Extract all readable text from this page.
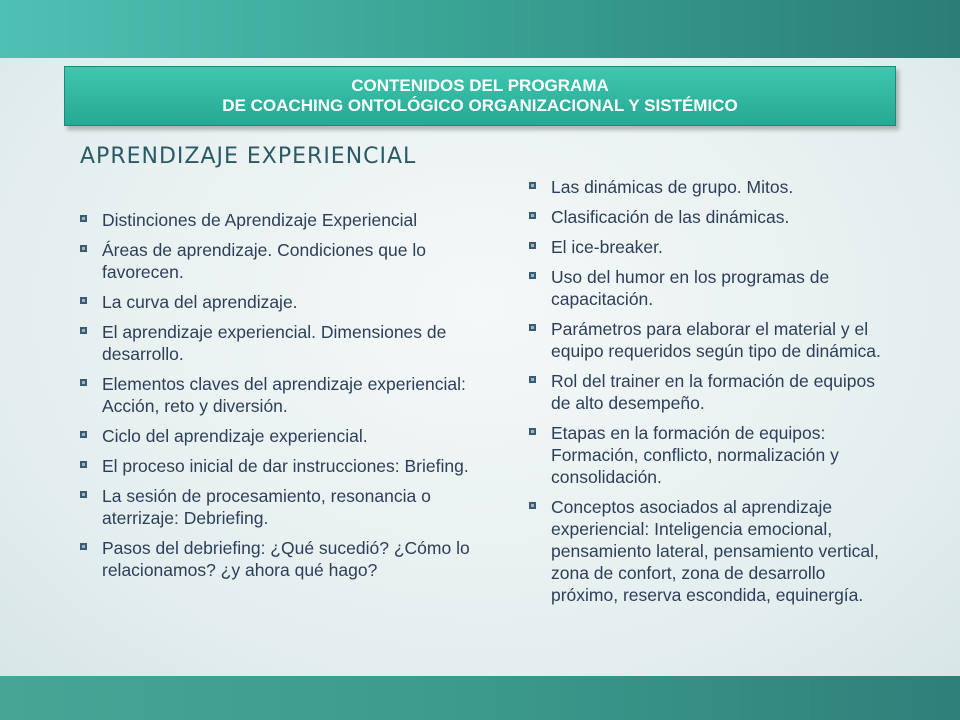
CONTENIDOS DEL PROGRAMA
DE COACHING ONTOLÓGICO ORGANIZACIONAL Y SISTÉMICO
APRENDIZAJE EXPERIENCIAL
Distinciones de Aprendizaje Experiencial
Áreas de aprendizaje. Condiciones que lo favorecen.
La curva del aprendizaje.
El aprendizaje experiencial. Dimensiones de desarrollo.
Elementos claves del aprendizaje experiencial: Acción, reto y diversión.
Ciclo del aprendizaje experiencial.
El proceso inicial de dar instrucciones: Briefing.
La sesión de procesamiento, resonancia o aterrizaje: Debriefing.
Pasos del debriefing: ¿Qué sucedió? ¿Cómo lo relacionamos? ¿y ahora qué hago?
Las dinámicas de grupo. Mitos.
Clasificación de las dinámicas.
El ice-breaker.
Uso del humor en los programas de capacitación.
Parámetros para elaborar el material y el equipo requeridos según tipo de dinámica.
Rol del trainer en la formación de equipos de alto desempeño.
Etapas en la formación de equipos: Formación, conflicto, normalización y consolidación.
Conceptos asociados al aprendizaje experiencial: Inteligencia emocional, pensamiento lateral, pensamiento vertical, zona de confort, zona de desarrollo próximo, reserva escondida, equinergía.
